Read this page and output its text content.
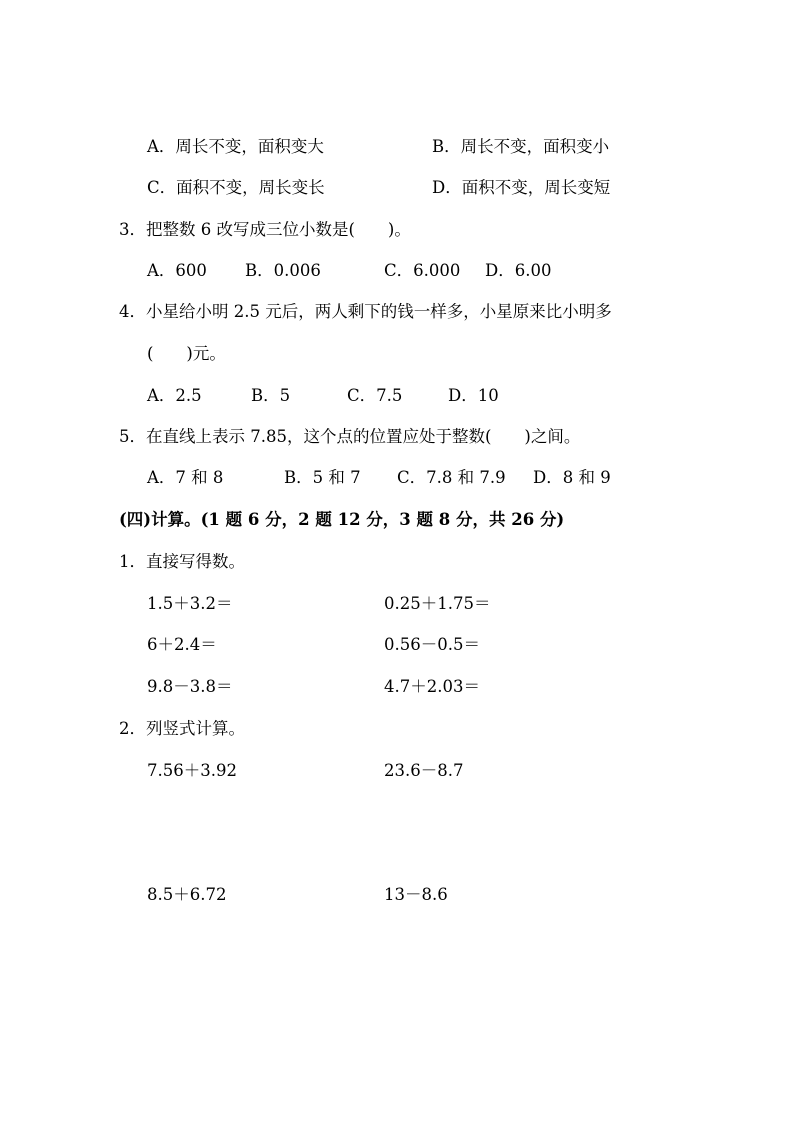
A．周长不变，面积变大	B．周长不变，面积变小
C．面积不变，周长变长	D．面积不变，周长变短
3．把整数 6 改写成三位小数是(　　)。
A．600 B．0.006	C．6.000 D．6.00
4．小星给小明 2.5 元后，两人剩下的钱一样多，小星原来比小明多
(　　)元。
A．2.5	B．5	C．7.5	D．10
5．在直线上表示 7.85，这个点的位置应处于整数(　　)之间。
A．7 和 8	B．5 和 7 C．7.8 和 7.9 D．8 和 9
(四)计算。(1 题 6 分，2 题 12 分，3 题 8 分，共 26 分)
1．直接写得数。
1.5＋3.2＝	0.25＋1.75＝
6＋2.4＝	0.56－0.5＝
9.8－3.8＝	4.7＋2.03＝
2．列竖式计算。
7.56＋3.92	23.6－8.7
8.5＋6.72	13－8.6
